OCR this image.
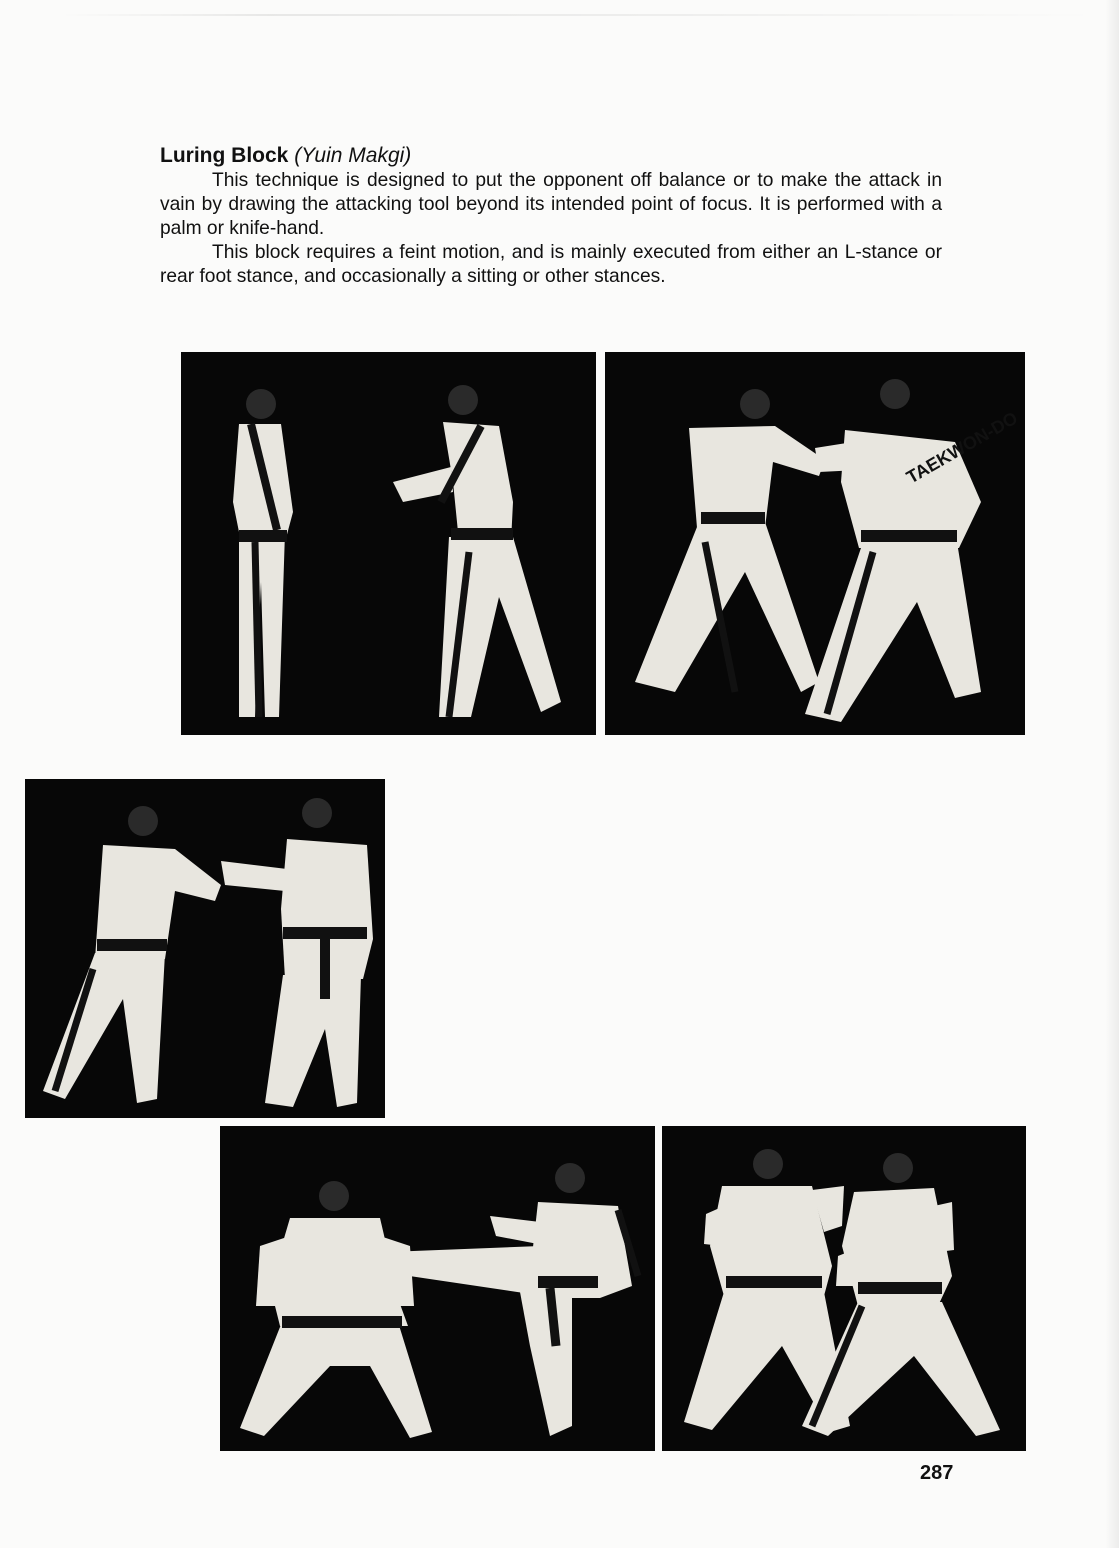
Luring Block (Yuin Makgi)

This technique is designed to put the opponent off balance or to make the attack in vain by drawing the attacking tool beyond its intended point of focus. It is performed with a palm or knife-hand.

This block requires a feint motion, and is mainly executed from either an L-stance or rear foot stance, and occasionally a sitting or other stances.

TAEKWON-DO
287
